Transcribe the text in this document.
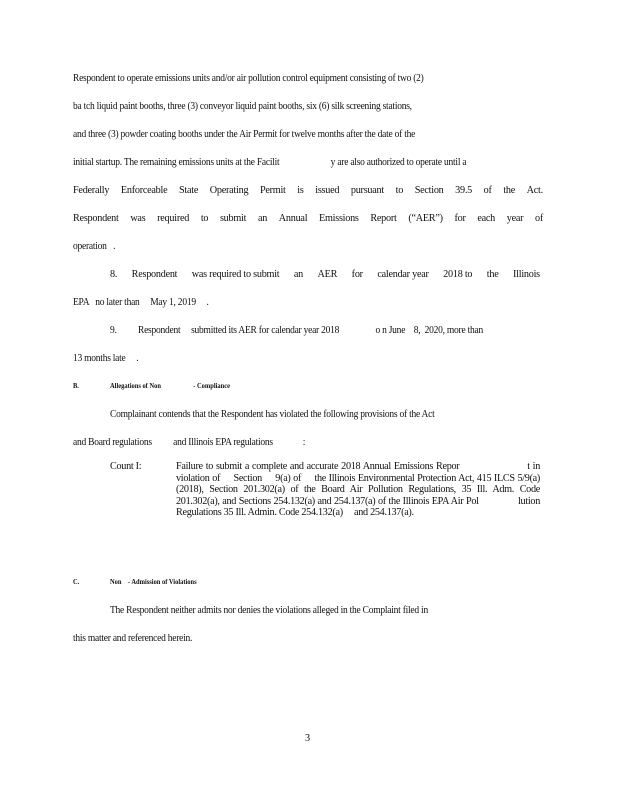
Respondent to operate emissions units and/or air pollution control equipment consisting of two (2)
ba tch liquid paint booths, three (3) conveyor liquid paint booths, six (6) silk screening stations,
and three (3) powder coating booths under the Air Permit for twelve months after the date of the
initial startup. The remaining emissions units at the Facilit                        y are also authorized to operate until a
Federally Enforceable State Operating Permit is issued pursuant to Section 39.5 of the Act.
Respondent was required to submit an Annual Emissions Report (“AER”) for each year of
operation   .
8. Respondent was required to submit an AER for calendar year 2018 to the Illinois
EPA   no later than     May 1, 2019     .
9.          Respondent     submitted its AER for calendar year 2018                 o n June    8,  2020, more than
13 months late     .
B.	Allegations of Non                    - Compliance
Complainant contends that the Respondent has violated the following provisions of the Act
and Board regulations          and Illinois EPA regulations              :
Count I:	Failure to submit a complete and accurate 2018 Annual Emissions Repor                       t in violation of     Section     9(a) of     the Illinois Environmental Protection Act, 415 ILCS 5/9(a) (2018), Section 201.302(a) of the Board Air Pollution Regulations, 35 Ill. Adm. Code 201.302(a), and Sections 254.132(a) and 254.137(a) of the Illinois EPA Air Pol               lution Regulations 35 Ill. Admin. Code 254.132(a)     and 254.137(a).
C.	Non    - Admission of Violations
The Respondent neither admits nor denies the violations alleged in the Complaint filed in
this matter and referenced herein.
3
